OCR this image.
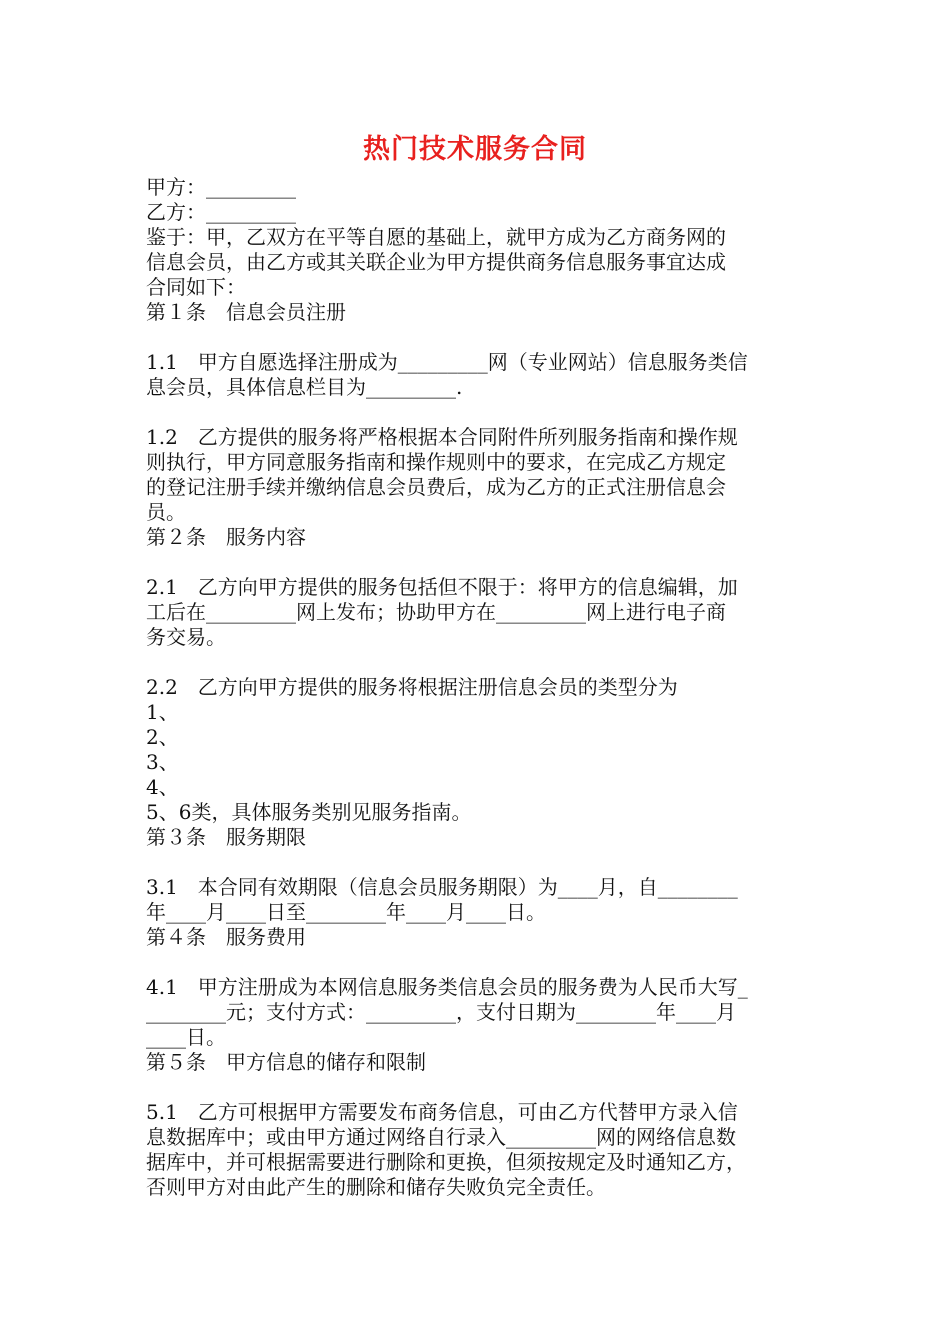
热门技术服务合同
甲方：_________
乙方：_________
鉴于：甲，乙双方在平等自愿的基础上，就甲方成为乙方商务网的
信息会员，由乙方或其关联企业为甲方提供商务信息服务事宜达成
合同如下：
第１条　信息会员注册
1.1　甲方自愿选择注册成为_________网（专业网站）信息服务类信
息会员，具体信息栏目为_________.
1.2　乙方提供的服务将严格根据本合同附件所列服务指南和操作规
则执行，甲方同意服务指南和操作规则中的要求，在完成乙方规定
的登记注册手续并缴纳信息会员费后，成为乙方的正式注册信息会
员。
第２条　服务内容
2.1　乙方向甲方提供的服务包括但不限于：将甲方的信息编辑，加
工后在_________网上发布；协助甲方在_________网上进行电子商
务交易。
2.2　乙方向甲方提供的服务将根据注册信息会员的类型分为
1、
2、
3、
4、
5、6类，具体服务类别见服务指南。
第３条　服务期限
3.1　本合同有效期限（信息会员服务期限）为____月，自________
年____月____日至________年____月____日。
第４条　服务费用
4.1　甲方注册成为本网信息服务类信息会员的服务费为人民币大写_
________元；支付方式：_________，支付日期为________年____月
____日。
第５条　甲方信息的储存和限制
5.1　乙方可根据甲方需要发布商务信息，可由乙方代替甲方录入信
息数据库中；或由甲方通过网络自行录入_________网的网络信息数
据库中，并可根据需要进行删除和更换，但须按规定及时通知乙方，
否则甲方对由此产生的删除和储存失败负完全责任。
